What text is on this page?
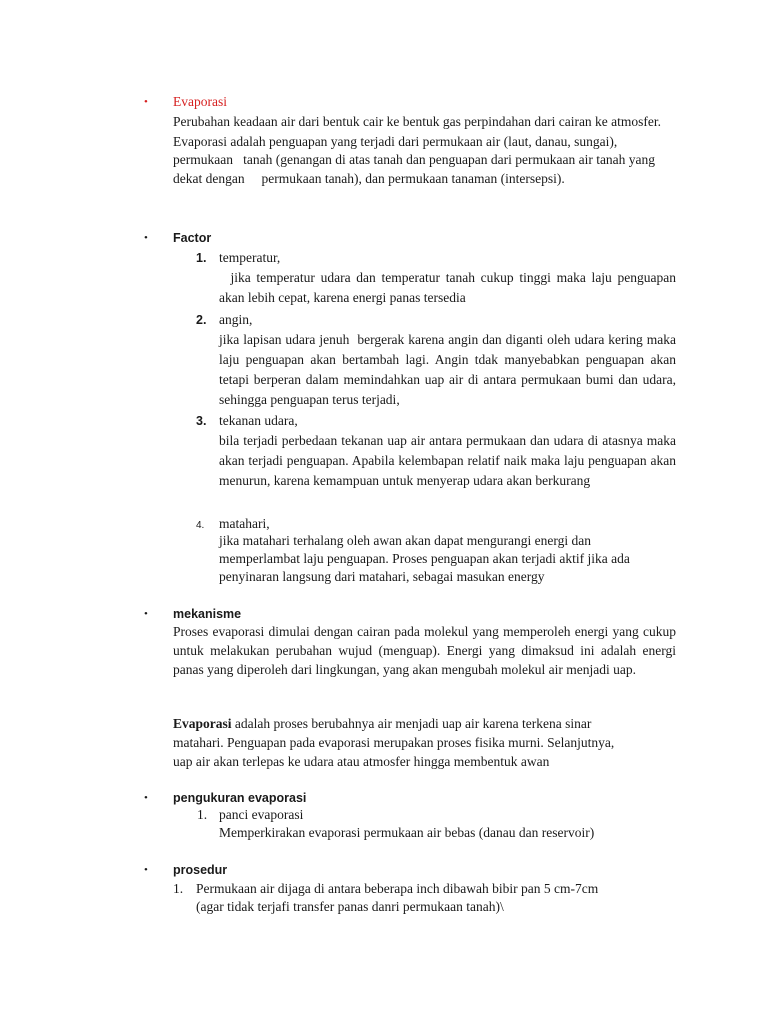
• Evaporasi
Perubahan keadaan air dari bentuk cair ke bentuk gas perpindahan dari cairan ke atmosfer.
Evaporasi adalah penguapan yang terjadi dari permukaan air (laut, danau, sungai),
permukaan   tanah (genangan di atas tanah dan penguapan dari permukaan air tanah yang
dekat dengan     permukaan tanah), dan permukaan tanaman (intersepsi).
• Factor
1. temperatur,
jika temperatur udara dan temperatur tanah cukup tinggi maka laju penguapan akan lebih cepat, karena energi panas tersedia
2. angin,
jika lapisan udara jenuh  bergerak karena angin dan diganti oleh udara kering maka laju penguapan akan bertambah lagi. Angin tdak manyebabkan penguapan akan tetapi berperan dalam memindahkan uap air di antara permukaan bumi dan udara, sehingga penguapan terus terjadi,
3. tekanan udara,
bila terjadi perbedaan tekanan uap air antara permukaan dan udara di atasnya maka akan terjadi penguapan. Apabila kelembapan relatif naik maka laju penguapan akan menurun, karena kemampuan untuk menyerap udara akan berkurang
4. matahari,
jika matahari terhalang oleh awan akan dapat mengurangi energi dan
memperlambat laju penguapan. Proses penguapan akan terjadi aktif jika ada
penyinaran langsung dari matahari, sebagai masukan energy
• mekanisme
Proses evaporasi dimulai dengan cairan pada molekul yang memperoleh energi yang cukup untuk melakukan perubahan wujud (menguap). Energi yang dimaksud ini adalah energi panas yang diperoleh dari lingkungan, yang akan mengubah molekul air menjadi uap.
Evaporasi adalah proses berubahnya air menjadi uap air karena terkena sinar
matahari. Penguapan pada evaporasi merupakan proses fisika murni. Selanjutnya,
uap air akan terlepas ke udara atau atmosfer hingga membentuk awan
• pengukuran evaporasi
1. panci evaporasi
Memperkirakan evaporasi permukaan air bebas (danau dan reservoir)
• prosedur
1. Permukaan air dijaga di antara beberapa inch dibawah bibir pan 5 cm-7cm
(agar tidak terjafi transfer panas danri permukaan tanah)\
